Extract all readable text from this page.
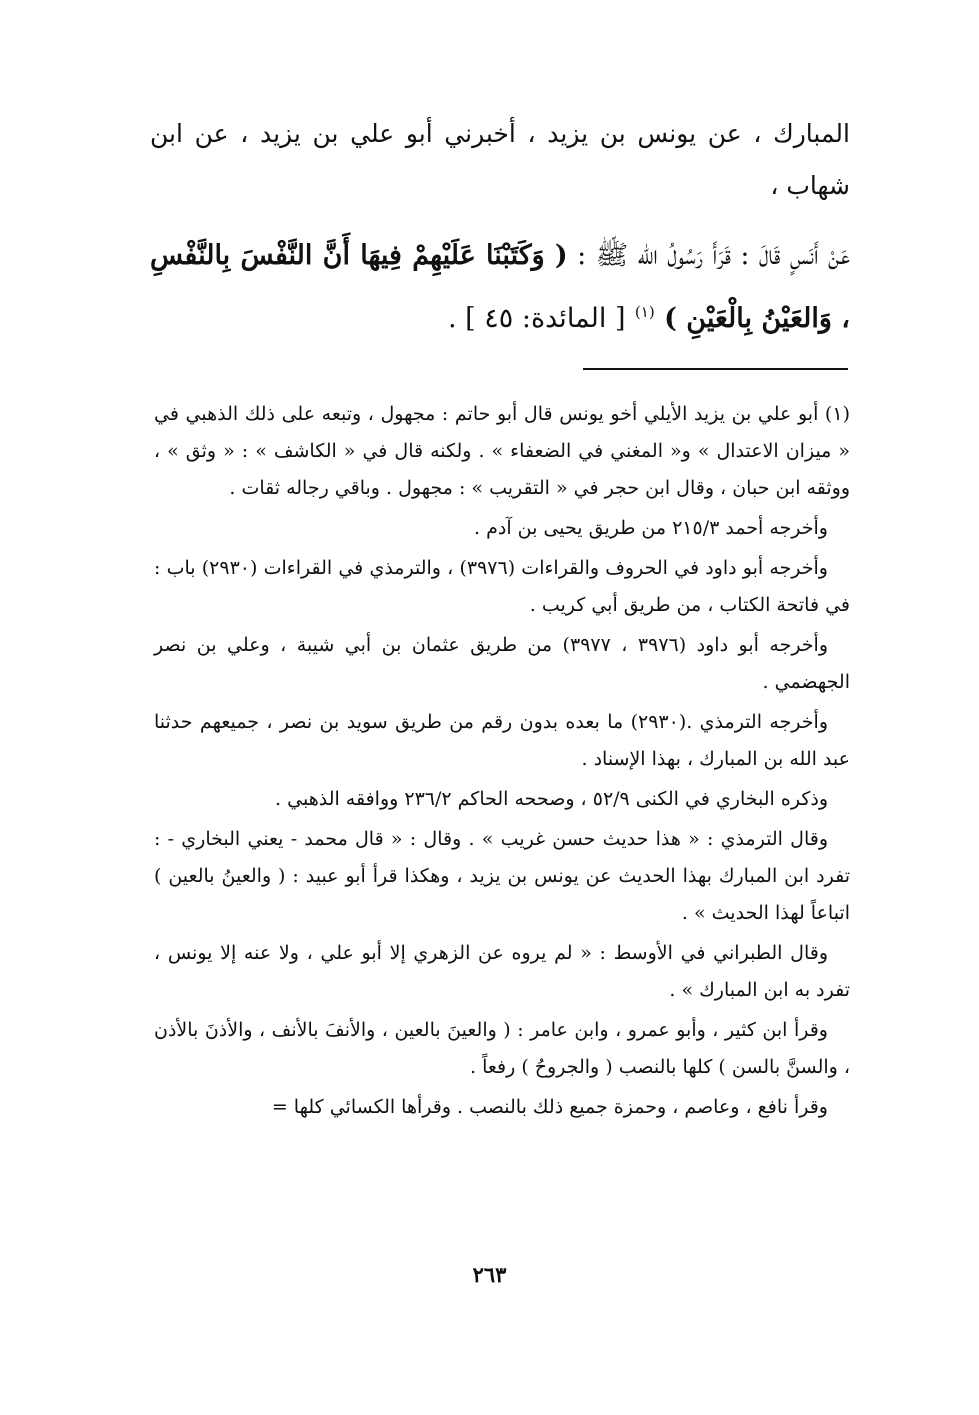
المبارك ، عن يونس بن يزيد ، أخبرني أبو علي بن يزيد ، عن ابن شهاب ،
عَنْ أَنَسٍ قَالَ : قَرَأَ رَسُولُ الله ﷺ : ( وَكَتَبْنَا عَلَيْهِمْ فِيهَا أَنَّ النَّفْسَ بِالنَّفْسِ ، وَالعَيْنُ بِالْعَيْنِ ) $^{(١)}$ [ المائدة: ٤٥ ] .

(١) أبو علي بن يزيد الأيلي أخو يونس قال أبو حاتم : مجهول ، وتبعه على ذلك الذهبي في « ميزان الاعتدال » و« المغني في الضعفاء » . ولكنه قال في « الكاشف » : « وثق » ، ووثقه ابن حبان ، وقال ابن حجر في « التقريب » : مجهول . وباقي رجاله ثقات .

وأخرجه أحمد ٢١٥/٣ من طريق يحيى بن آدم .

وأخرجه أبو داود في الحروف والقراءات (٣٩٧٦) ، والترمذي في القراءات (٢٩٣٠) باب : في فاتحة الكتاب ، من طريق أبي كريب .

وأخرجه أبو داود (٣٩٧٦ ، ٣٩٧٧) من طريق عثمان بن أبي شيبة ، وعلي بن نصر الجهضمي .

وأخرجه الترمذي .(٢٩٣٠) ما بعده بدون رقم من طريق سويد بن نصر ، جميعهم حدثنا عبد الله بن المبارك ، بهذا الإسناد .

وذكره البخاري في الكنى ٥٢/٩ ، وصححه الحاكم ٢٣٦/٢ ووافقه الذهبي .

وقال الترمذي : « هذا حديث حسن غريب » . وقال : « قال محمد - يعني البخاري - : تفرد ابن المبارك بهذا الحديث عن يونس بن يزيد ، وهكذا قرأ أبو عبيد : ( والعينُ بالعين ) اتباعاً لهذا الحديث » .

وقال الطبراني في الأوسط : « لم يروه عن الزهري إلا أبو علي ، ولا عنه إلا يونس ، تفرد به ابن المبارك » .

وقرأ ابن كثير ، وأبو عمرو ، وابن عامر : ( والعينَ بالعين ، والأنفَ بالأنف ، والأذنَ بالأذن ، والسنَّ بالسن ) كلها بالنصب ( والجروحُ ) رفعاً .

وقرأ نافع ، وعاصم ، وحمزة جميع ذلك بالنصب . وقرأها الكسائي كلها =

٢٦٣
